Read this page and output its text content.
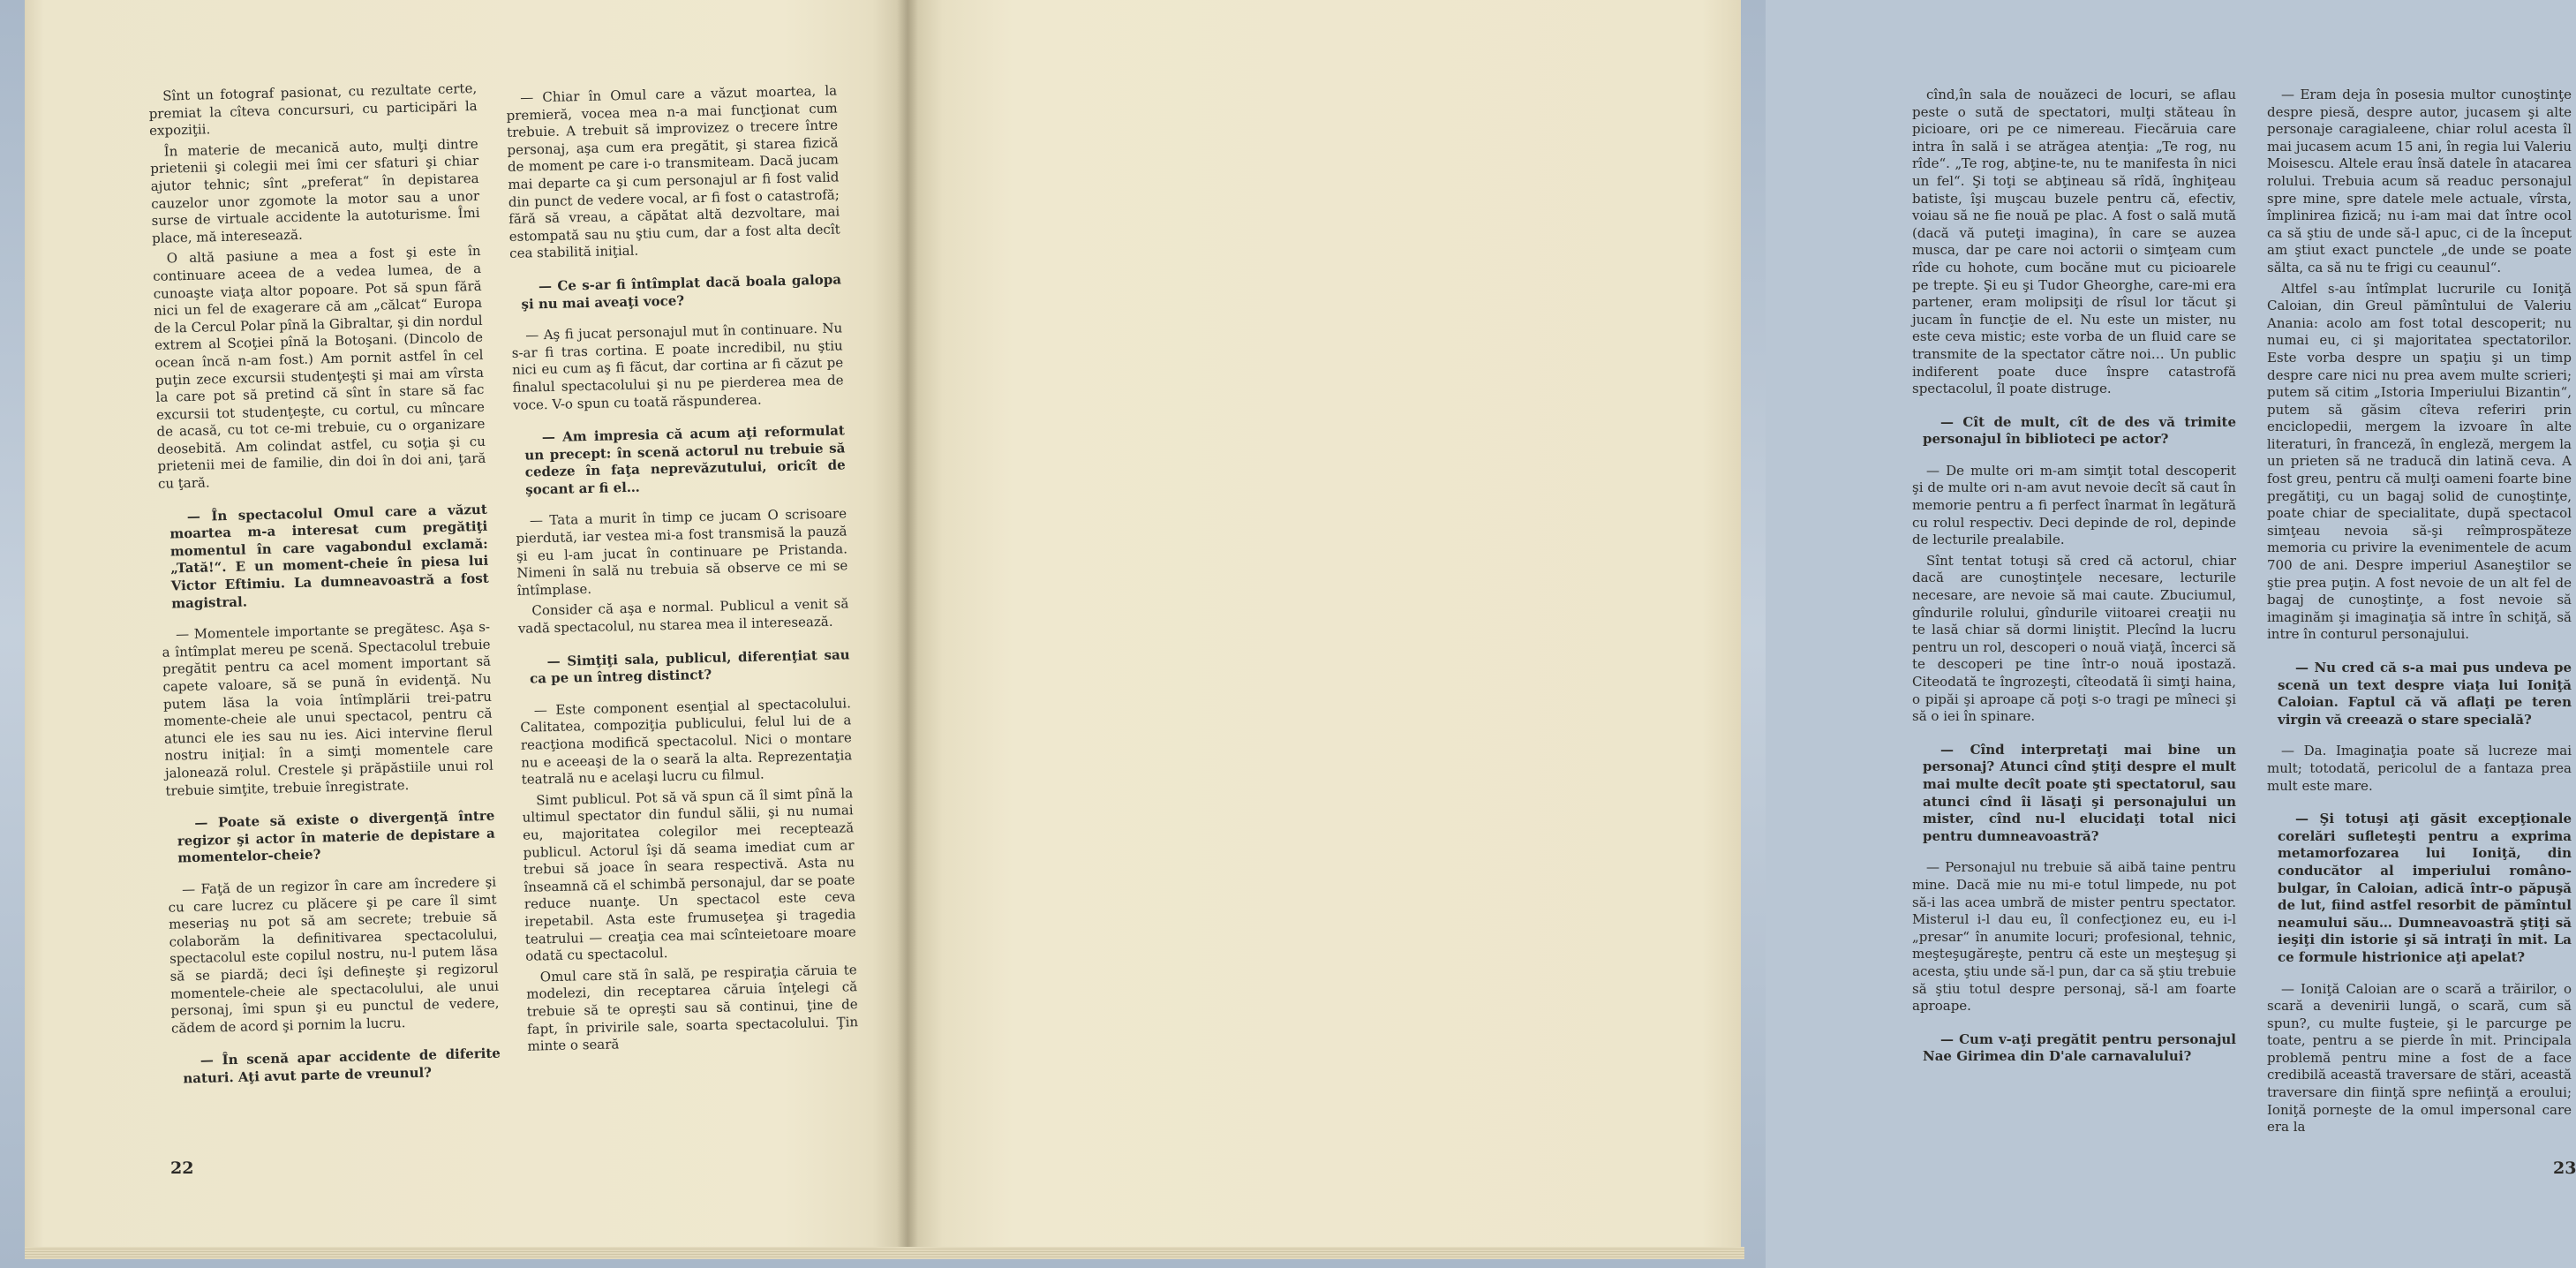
Sînt un fotograf pasionat, cu rezultate certe, premiat la cîteva concursuri, cu participări la expoziţii.

În materie de mecanică auto, mulţi dintre prietenii şi colegii mei îmi cer sfaturi şi chiar ajutor tehnic; sînt „preferat“ în depistarea cauzelor unor zgomote la motor sau a unor surse de virtuale accidente la autoturisme. Îmi place, mă interesează.

O altă pasiune a mea a fost şi este în continuare aceea de a vedea lumea, de a cunoaşte viaţa altor popoare. Pot să spun fără nici un fel de exagerare că am „călcat“ Europa de la Cercul Polar pînă la Gibraltar, şi din nordul extrem al Scoţiei pînă la Botoşani. (Dincolo de ocean încă n-am fost.) Am pornit astfel în cel puţin zece excursii studenţeşti şi mai am vîrsta la care pot să pretind că sînt în stare să fac excursii tot studenţeşte, cu cortul, cu mîncare de acasă, cu tot ce-mi trebuie, cu o organizare deosebită. Am colindat astfel, cu soţia şi cu prietenii mei de familie, din doi în doi ani, ţară cu ţară.

— În spectacolul Omul care a văzut moartea m-a interesat cum pregătiţi momentul în care vagabondul exclamă: „Tată!“. E un moment-cheie în piesa lui Victor Eftimiu. La dumneavoastră a fost magistral.

— Momentele importante se pregătesc. Aşa s-a întîmplat mereu pe scenă. Spectacolul trebuie pregătit pentru ca acel moment important să capete valoare, să se pună în evidenţă. Nu putem lăsa la voia întîmplării trei-patru momente-cheie ale unui spectacol, pentru că atunci ele ies sau nu ies. Aici intervine flerul nostru iniţial: în a simţi momentele care jalonează rolul. Crestele şi prăpăstiile unui rol trebuie simţite, trebuie înregistrate.

— Poate să existe o divergenţă între regizor şi actor în materie de depistare a momentelor-cheie?

— Faţă de un regizor în care am încredere şi cu care lucrez cu plăcere şi pe care îl simt meseriaş nu pot să am secrete; trebuie să colaborăm la definitivarea spectacolului, spectacolul este copilul nostru, nu-l putem lăsa să se piardă; deci îşi defineşte şi regizorul momentele-cheie ale spectacolului, ale unui personaj, îmi spun şi eu punctul de vedere, cădem de acord şi pornim la lucru.

— În scenă apar accidente de diferite naturi. Aţi avut parte de vreunul?

— Chiar în Omul care a văzut moartea, la premieră, vocea mea n-a mai funcţionat cum trebuie. A trebuit să improvizez o trecere între personaj, aşa cum era pregătit, şi starea fizică de moment pe care i-o transmiteam. Dacă jucam mai departe ca şi cum personajul ar fi fost valid din punct de vedere vocal, ar fi fost o catastrofă; fără să vreau, a căpătat altă dezvoltare, mai estompată sau nu ştiu cum, dar a fost alta decît cea stabilită iniţial.

— Ce s-ar fi întîmplat dacă boala galopa şi nu mai aveaţi voce?

— Aş fi jucat personajul mut în continuare. Nu s-ar fi tras cortina. E poate incredibil, nu ştiu nici eu cum aş fi făcut, dar cortina ar fi căzut pe finalul spectacolului şi nu pe pierderea mea de voce. V-o spun cu toată răspunderea.

— Am impresia că acum aţi reformulat un precept: în scenă actorul nu trebuie să cedeze în faţa neprevăzutului, oricît de şocant ar fi el…

— Tata a murit în timp ce jucam O scrisoare pierdută, iar vestea mi-a fost transmisă la pauză şi eu l-am jucat în continuare pe Pristanda. Nimeni în sală nu trebuia să observe ce mi se întîmplase.

Consider că aşa e normal. Publicul a venit să vadă spectacolul, nu starea mea il interesează.

— Simţiţi sala, publicul, diferenţiat sau ca pe un întreg distinct?

— Este component esenţial al spectacolului. Calitatea, compoziţia publicului, felul lui de a reacţiona modifică spectacolul. Nici o montare nu e aceeaşi de la o seară la alta. Reprezentaţia teatrală nu e acelaşi lucru cu filmul.

Simt publicul. Pot să vă spun că îl simt pînă la ultimul spectator din fundul sălii, şi nu numai eu, majoritatea colegilor mei receptează publicul. Actorul îşi dă seama imediat cum ar trebui să joace în seara respectivă. Asta nu înseamnă că el schimbă personajul, dar se poate reduce nuanţe. Un spectacol este ceva irepetabil. Asta este frumuseţea şi tragedia teatrului — creaţia cea mai scînteietoare moare odată cu spectacolul.

Omul care stă în sală, pe respiraţia căruia te modelezi, din receptarea căruia înţelegi că trebuie să te opreşti sau să continui, ţine de fapt, în privirile sale, soarta spectacolului. Ţin minte o seară

22

cînd,în sala de nouăzeci de locuri, se aflau peste o sută de spectatori, mulţi stăteau în picioare, ori pe ce nimereau. Fiecăruia care intra în sală i se atrăgea atenţia: „Te rog, nu rîde“. „Te rog, abţine-te, nu te manifesta în nici un fel“. Şi toţi se abţineau să rîdă, înghiţeau batiste, îşi muşcau buzele pentru că, efectiv, voiau să ne fie nouă pe plac. A fost o sală mută (dacă vă puteţi imagina), în care se auzea musca, dar pe care noi actorii o simţeam cum rîde cu hohote, cum bocăne mut cu picioarele pe trepte. Şi eu şi Tudor Gheorghe, care-mi era partener, eram molipsiţi de rîsul lor tăcut şi jucam în funcţie de el. Nu este un mister, nu este ceva mistic; este vorba de un fluid care se transmite de la spectator către noi… Un public indiferent poate duce înspre catastrofă spectacolul, îl poate distruge.

— Cît de mult, cît de des vă trimite personajul în biblioteci pe actor?

— De multe ori m-am simţit total descoperit şi de multe ori n-am avut nevoie decît să caut în memorie pentru a fi perfect înarmat în legătură cu rolul respectiv. Deci depinde de rol, depinde de lecturile prealabile.

Sînt tentat totuşi să cred că actorul, chiar dacă are cunoştinţele necesare, lecturile necesare, are nevoie să mai caute. Zbuciumul, gîndurile rolului, gîndurile viitoarei creaţii nu te lasă chiar să dormi liniştit. Plecînd la lucru pentru un rol, descoperi o nouă viaţă, încerci să te descoperi pe tine într-o nouă ipostază. Citeodată te îngrozeşti, cîteodată îi simţi haina, o pipăi şi aproape că poţi s-o tragi pe mîneci şi să o iei în spinare.

— Cînd interpretaţi mai bine un personaj? Atunci cînd ştiţi despre el mult mai multe decît poate şti spectatorul, sau atunci cînd îi lăsaţi şi personajului un mister, cînd nu-l elucidaţi total nici pentru dumneavoastră?

— Personajul nu trebuie să aibă taine pentru mine. Dacă mie nu mi-e totul limpede, nu pot să-i las acea umbră de mister pentru spectator. Misterul i-l dau eu, îl confecţionez eu, eu i-l „presar“ în anumite locuri; profesional, tehnic, meşteşugăreşte, pentru că este un meşteşug şi acesta, ştiu unde să-l pun, dar ca să ştiu trebuie să ştiu totul despre personaj, să-l am foarte aproape.

— Cum v-aţi pregătit pentru personajul Nae Girimea din D'ale carnavalului?

— Eram deja în posesia multor cunoştinţe despre piesă, despre autor, jucasem şi alte personaje caragialeene, chiar rolul acesta îl mai jucasem acum 15 ani, în regia lui Valeriu Moisescu. Altele erau însă datele în atacarea rolului. Trebuia acum să readuc personajul spre mine, spre datele mele actuale, vîrsta, împlinirea fizică; nu i-am mai dat între ocol ca să ştiu de unde să-l apuc, ci de la început am ştiut exact punctele „de unde se poate sălta, ca să nu te frigi cu ceaunul“.

Altfel s-au întîmplat lucrurile cu Ioniţă Caloian, din Greul pămîntului de Valeriu Anania: acolo am fost total descoperit; nu numai eu, ci şi majoritatea spectatorilor. Este vorba despre un spaţiu şi un timp despre care nici nu prea avem multe scrieri; putem să citim „Istoria Imperiului Bizantin“, putem să găsim cîteva referiri prin enciclopedii, mergem la izvoare în alte literaturi, în franceză, în engleză, mergem la un prieten să ne traducă din latină ceva. A fost greu, pentru că mulţi oameni foarte bine pregătiţi, cu un bagaj solid de cunoştinţe, poate chiar de specialitate, după spectacol simţeau nevoia să-şi reîmprospăteze memoria cu privire la evenimentele de acum 700 de ani. Despre imperiul Asaneştilor se ştie prea puţin. A fost nevoie de un alt fel de bagaj de cunoştinţe, a fost nevoie să imaginăm şi imaginaţia să intre în schiţă, să intre în conturul personajului.

— Nu cred că s-a mai pus undeva pe scenă un text despre viaţa lui Ioniţă Caloian. Faptul că vă aflaţi pe teren virgin vă creează o stare specială?

— Da. Imaginaţia poate să lucreze mai mult; totodată, pericolul de a fantaza prea mult este mare.

— Şi totuşi aţi găsit excepţionale corelări sufleteşti pentru a exprima metamorfozarea lui Ioniţă, din conducător al imperiului româno-bulgar, în Caloian, adică într-o păpuşă de lut, fiind astfel resorbit de pămîntul neamului său… Dumneavoastră ştiţi să ieşiţi din istorie şi să intraţi în mit. La ce formule histrionice aţi apelat?

— Ioniţă Caloian are o scară a trăirilor, o scară a devenirii lungă, o scară, cum să spun?, cu multe fuşteie, şi le parcurge pe toate, pentru a se pierde în mit. Principala problemă pentru mine a fost de a face credibilă această traversare de stări, această traversare din fiinţă spre nefiinţă a eroului; Ioniţă porneşte de la omul impersonal care era la

23
